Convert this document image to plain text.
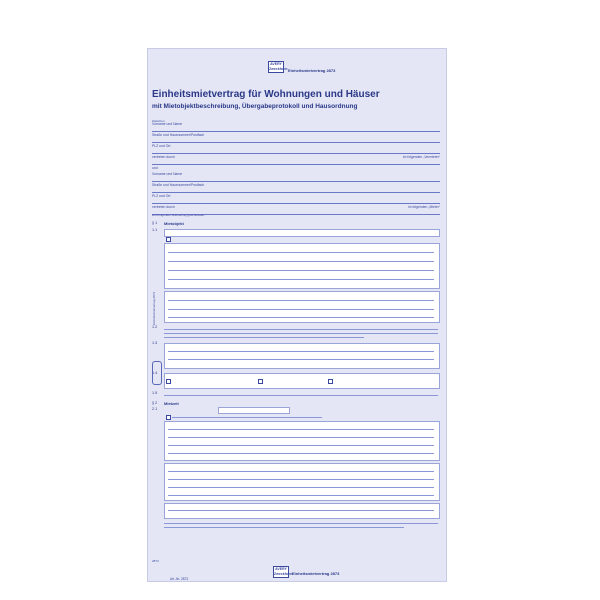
AVERY
Zweckform Einheitsmietvertrag 2873
Einheitsmietvertrag für Wohnungen und Häuser
mit Mietobjektbeschreibung, Übergabeprotokoll und Hausordnung
Zwischen
Vorname und Name
Straße und Hausnummer/Postfach
PLZ und Ort
vertreten durch	im folgenden „Vermieter“
und
Vorname und Name
Straße und Hausnummer/Postfach
PLZ und Ort
vertreten durch	im folgenden „Mieter“
wird folgender Mietvertrag geschlossen:
§ 1 Mietobjekt
1.1
1.2
1.3
1.4
1.5
§ 2 Mietzeit
2.1
2873
Art.-Nr. 2873
AVERY
Zweckform Einheitsmietvertrag 2873
Einheitsmietvertrag 2873
